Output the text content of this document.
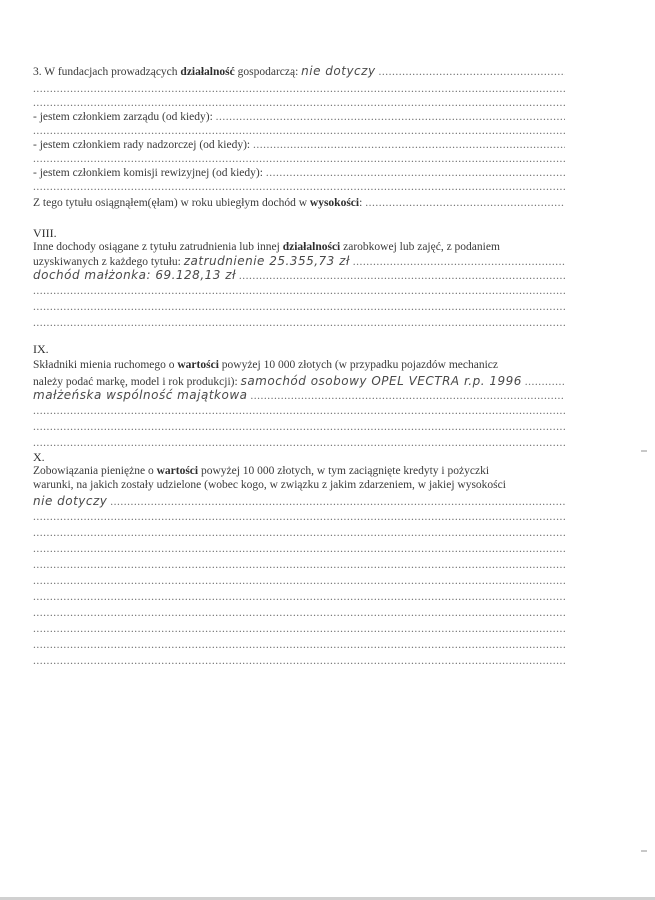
3. W fundacjach prowadzących działalność gospodarczą: nie dotyczy .....
.....
.....
- jestem członkiem zarządu (od kiedy): .....
.....
- jestem członkiem rady nadzorczej (od kiedy): .....
.....
- jestem członkiem komisji rewizyjnej (od kiedy): .....
.....
Z tego tytułu osiągnąłem(ęłam) w roku ubiegłym dochód w wysokości: .....
VIII.
Inne dochody osiągane z tytułu zatrudnienia lub innej działalności zarobkowej lub zajęć, z podaniem
uzyskiwanych z każdego tytułu: zatrudnienie 25.355,73 zł .....
dochód małżonka: 69.128,13 zł .....
.....
.....
.....
IX.
Składniki mienia ruchomego o wartości powyżej 10 000 złotych (w przypadku pojazdów mechanicz
należy podać markę, model i rok produkcji): samochód osobowy OPEL VECTRA r.p. 1996 .....
małżeńska wspólność majątkowa .....
.....
.....
.....
X.
Zobowiązania pieniężne o wartości powyżej 10 000 złotych, w tym zaciągnięte kredyty i pożyczki
warunki, na jakich zostały udzielone (wobec kogo, w związku z jakim zdarzeniem, w jakiej wysokości
nie dotyczy .....
.....
.....
.....
.....
.....
.....
.....
.....
.....
.....
